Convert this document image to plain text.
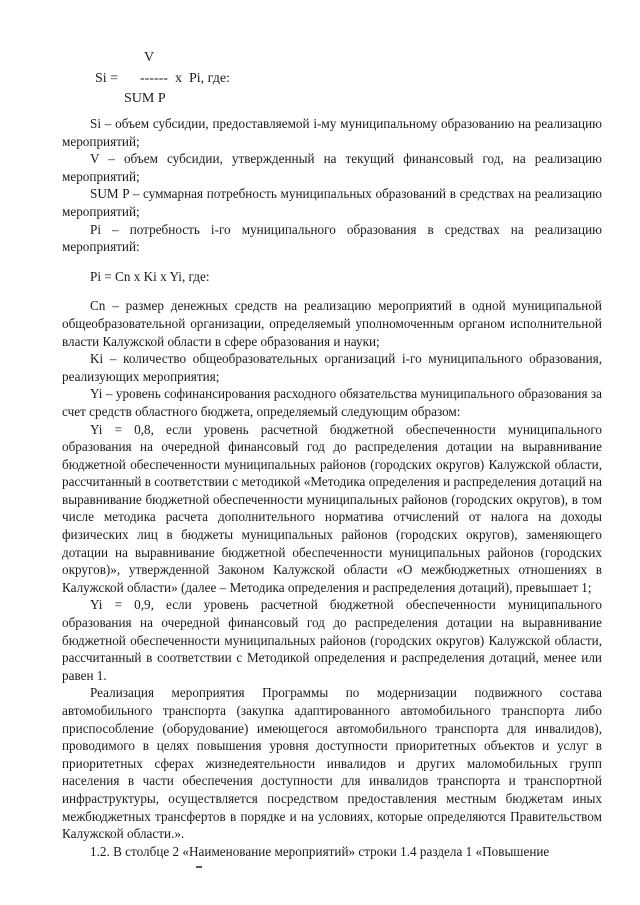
V
Si = ------  x  Pi, где:
SUM P

Si – объем субсидии, предоставляемой i-му муниципальному образованию на реализацию мероприятий;

V – объем субсидии, утвержденный на текущий финансовый год, на реализацию мероприятий;

SUM P – суммарная потребность муниципальных образований в средствах на реализацию мероприятий;

Pi – потребность i-го муниципального образования в средствах на реализацию мероприятий:

Pi = Cn x Ki x Yi, где:

Cn – размер денежных средств на реализацию мероприятий в одной муниципальной общеобразовательной организации, определяемый уполномоченным органом исполнительной власти Калужской области в сфере образования и науки;

Ki – количество общеобразовательных организаций i-го муниципального образования, реализующих мероприятия;

Yi – уровень софинансирования расходного обязательства муниципального образования за счет средств областного бюджета, определяемый следующим образом:

Yi = 0,8, если уровень расчетной бюджетной обеспеченности муниципального образования на очередной финансовый год до распределения дотации на выравнивание бюджетной обеспеченности муниципальных районов (городских округов) Калужской области, рассчитанный в соответствии с методикой «Методика определения и распределения дотаций на выравнивание бюджетной обеспеченности муниципальных районов (городских округов), в том числе методика расчета дополнительного норматива отчислений от налога на доходы физических лиц в бюджеты муниципальных районов (городских округов), заменяющего дотации на выравнивание бюджетной обеспеченности муниципальных районов (городских округов)», утвержденной Законом Калужской области «О межбюджетных отношениях в Калужской области» (далее – Методика определения и распределения дотаций), превышает 1;

Yi = 0,9, если уровень расчетной бюджетной обеспеченности муниципального образования на очередной финансовый год до распределения дотации на выравнивание бюджетной обеспеченности муниципальных районов (городских округов) Калужской области, рассчитанный в соответствии с Методикой определения и распределения дотаций, менее или равен 1.

Реализация мероприятия Программы по модернизации подвижного состава автомобильного транспорта (закупка адаптированного автомобильного транспорта либо приспособление (оборудование) имеющегося автомобильного транспорта для инвалидов), проводимого в целях повышения уровня доступности приоритетных объектов и услуг в приоритетных сферах жизнедеятельности инвалидов и других маломобильных групп населения в части обеспечения доступности для инвалидов транспорта и транспортной инфраструктуры, осуществляется посредством предоставления местным бюджетам иных межбюджетных трансфертов в порядке и на условиях, которые определяются Правительством Калужской области.».

1.2. В столбце 2 «Наименование мероприятий» строки 1.4 раздела 1 «Повышение
